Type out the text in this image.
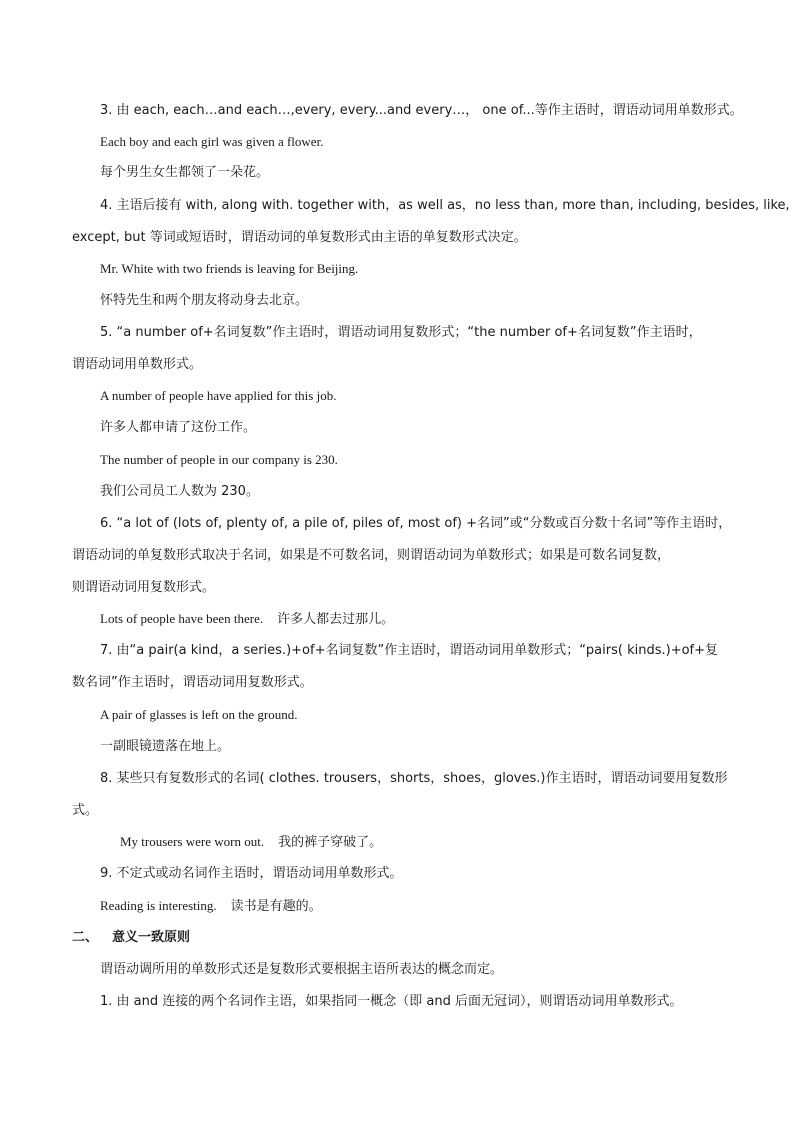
3. 由 each, each…and each…,every, every...and every…， one of...等作主语时，谓语动词用单数形式。
Each boy and each girl was given a flower.
每个男生女生都领了一朵花。
4. 主语后接有 with, along with. together with，as well as，no less than, more than, including, besides, like,
except, but 等词或短语时，谓语动词的单复数形式由主语的单复数形式决定。
Mr. White with two friends is leaving for Beijing.
怀特先生和两个朋友将动身去北京。
5. “a number of+名词复数”作主语时，谓语动词用复数形式；“the number of+名词复数”作主语时，
谓语动词用单数形式。
A number of people have applied for this job.
许多人都申请了这份工作。
The number of people in our company is 230.
我们公司员工人数为 230。
6. “a lot of (lots of, plenty of, a pile of, piles of, most of) +名词”或“分数或百分数十名词”等作主语时，
谓语动词的单复数形式取决于名词，如果是不可数名词，则谓语动词为单数形式；如果是可数名词复数，
则谓语动词用复数形式。
Lots of people have been there. 许多人都去过那儿。
7. 由“a pair(a kind，a series.)+of+名词复数”作主语时，谓语动词用单数形式；“pairs( kinds.)+of+复
数名词”作主语时，谓语动词用复数形式。
A pair of glasses is left on the ground.
一副眼镜遗落在地上。
8. 某些只有复数形式的名词( clothes. trousers，shorts，shoes，gloves.)作主语时，谓语动词要用复数形
式。
My trousers were worn out. 我的裤子穿破了。
9. 不定式或动名词作主语时，谓语动词用单数形式。
Reading is interesting. 读书是有趣的。
二、 意义一致原则
谓语动调所用的单数形式还是复数形式要根据主语所表达的概念而定。
1. 由 and 连接的两个名词作主语，如果指同一概念（即 and 后面无冠词），则谓语动词用单数形式。
